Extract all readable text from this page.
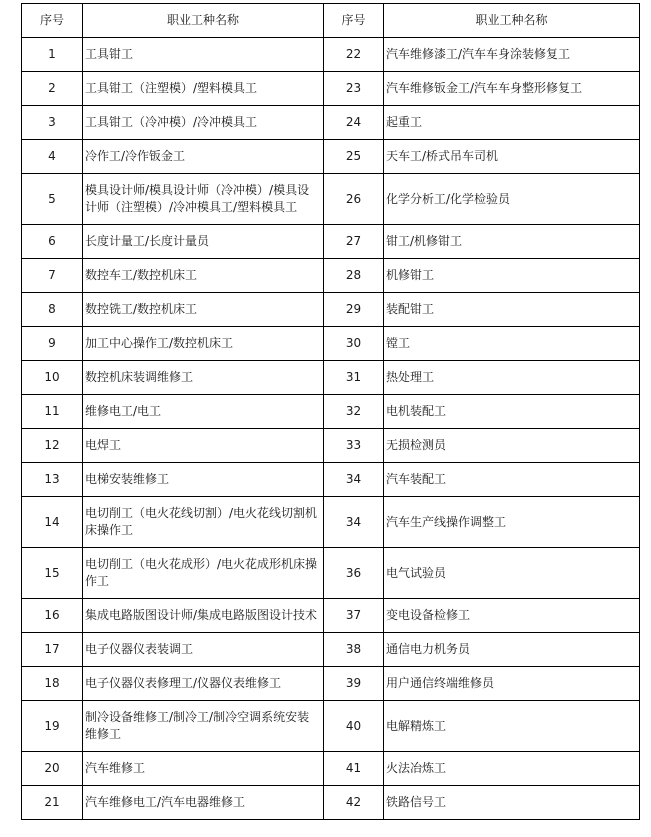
序号	职业工种名称	序号	职业工种名称
1	工具钳工	22	汽车维修漆工/汽车车身涂装修复工
2	工具钳工（注塑模）/塑料模具工	23	汽车维修钣金工/汽车车身整形修复工
3	工具钳工（冷冲模）/冷冲模具工	24	起重工
4	冷作工/冷作钣金工	25	天车工/桥式吊车司机
5	模具设计师/模具设计师（冷冲模）/模具设计师（注塑模）/冷冲模具工/塑料模具工	26	化学分析工/化学检验员
6	长度计量工/长度计量员	27	钳工/机修钳工
7	数控车工/数控机床工	28	机修钳工
8	数控铣工/数控机床工	29	装配钳工
9	加工中心操作工/数控机床工	30	镗工
10	数控机床装调维修工	31	热处理工
11	维修电工/电工	32	电机装配工
12	电焊工	33	无损检测员
13	电梯安装维修工	34	汽车装配工
14	电切削工（电火花线切割）/电火花线切割机床操作工	34	汽车生产线操作调整工
15	电切削工（电火花成形）/电火花成形机床操作工	36	电气试验员
16	集成电路版图设计师/集成电路版图设计技术	37	变电设备检修工
17	电子仪器仪表装调工	38	通信电力机务员
18	电子仪器仪表修理工/仪器仪表维修工	39	用户通信终端维修员
19	制冷设备维修工/制冷工/制冷空调系统安装维修工	40	电解精炼工
20	汽车维修工	41	火法冶炼工
21	汽车维修电工/汽车电器维修工	42	铁路信号工
